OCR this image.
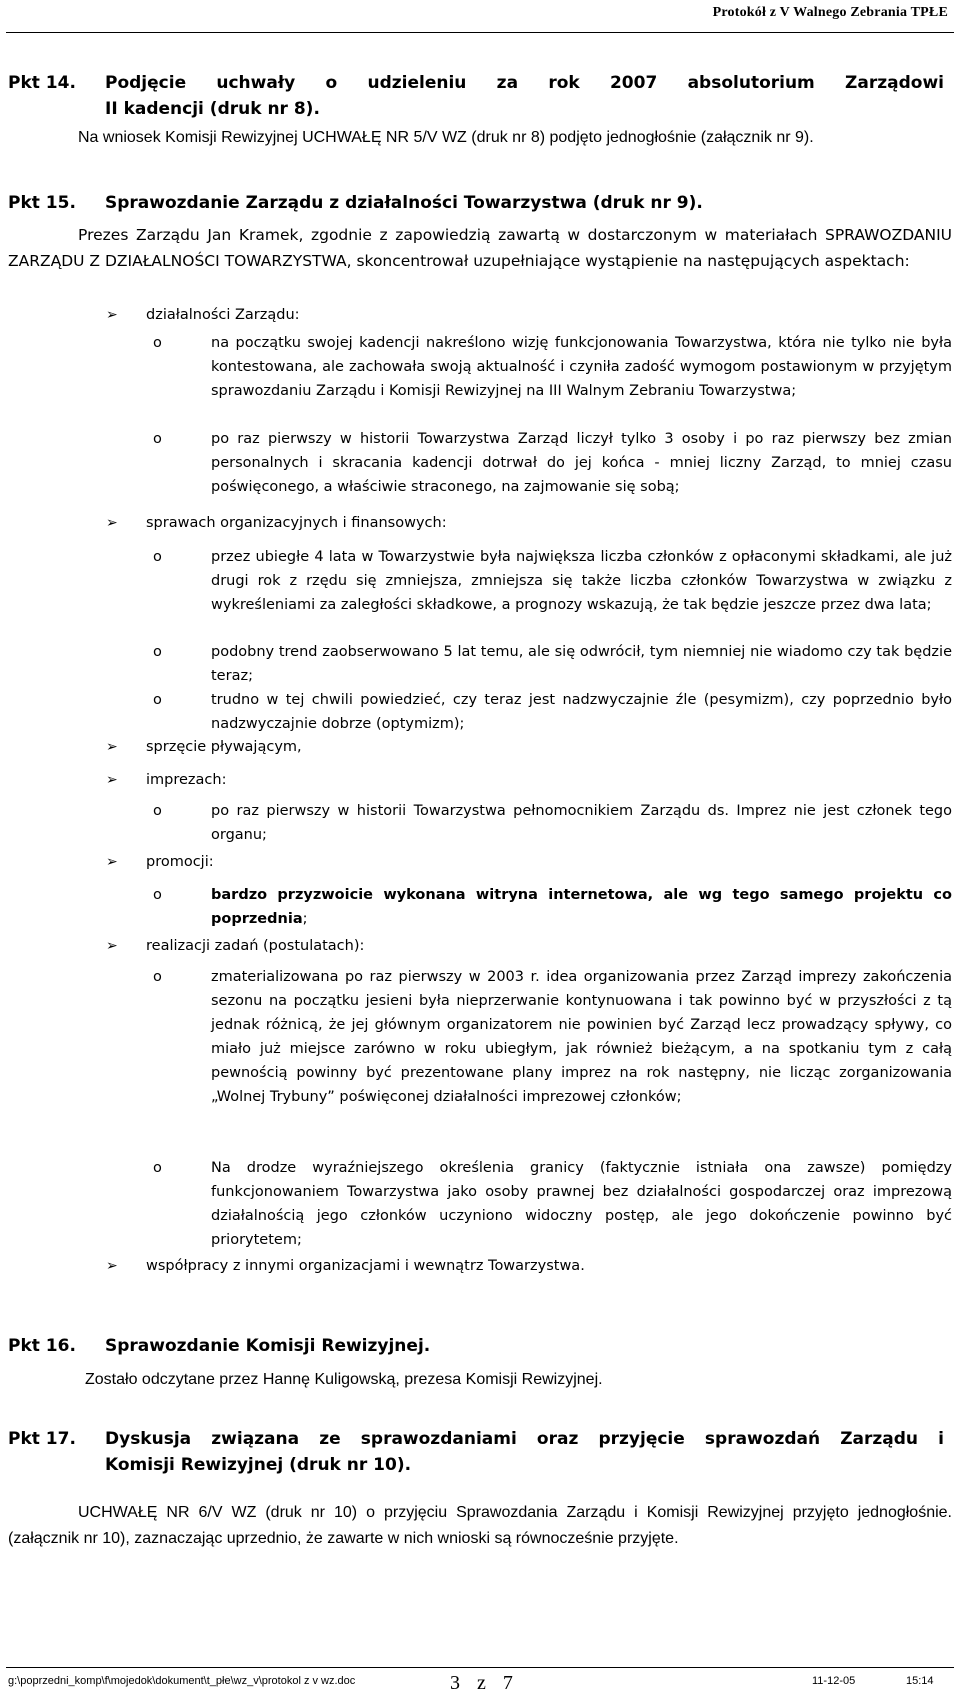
Protokół z V Walnego Zebrania TPŁE
Pkt 14. Podjęcie uchwały o udzieleniu za rok 2007 absolutorium Zarządowi
II kadencji (druk nr 8).
Na wniosek Komisji Rewizyjnej UCHWAŁĘ NR 5/V WZ (druk nr 8) podjęto jednogłośnie (załącznik nr 9).
Pkt 15. Sprawozdanie Zarządu z działalności Towarzystwa (druk nr 9).
Prezes Zarządu Jan Kramek, zgodnie z zapowiedzią zawartą w dostarczonym w materiałach SPRAWOZDANIU ZARZĄDU Z DZIAŁALNOŚCI TOWARZYSTWA, skoncentrował uzupełniające wystąpienie na następujących aspektach:
➢ działalności Zarządu:
o	na początku swojej kadencji nakreślono wizję funkcjonowania Towarzystwa, która nie tylko nie była kontestowana, ale zachowała swoją aktualność i czyniła zadość wymogom postawionym w przyjętym sprawozdaniu Zarządu i Komisji Rewizyjnej na III Walnym Zebraniu Towarzystwa;
o	po raz pierwszy w historii Towarzystwa Zarząd liczył tylko 3 osoby i po raz pierwszy bez zmian personalnych i skracania kadencji dotrwał do jej końca - mniej liczny Zarząd, to mniej czasu poświęconego, a właściwie straconego, na zajmowanie się sobą;
➢ sprawach organizacyjnych i finansowych:
o	przez ubiegłe 4 lata w Towarzystwie była największa liczba członków z opłaconymi składkami, ale już drugi rok z rzędu się zmniejsza, zmniejsza się także liczba członków Towarzystwa w związku z wykreśleniami za zaległości składkowe, a prognozy wskazują, że tak będzie jeszcze przez dwa lata;
o	podobny trend zaobserwowano 5 lat temu, ale się odwrócił, tym niemniej nie wiadomo czy tak będzie teraz;
o	trudno w tej chwili powiedzieć, czy teraz jest nadzwyczajnie źle (pesymizm), czy poprzednio było nadzwyczajnie dobrze (optymizm);
➢ sprzęcie pływającym,
➢ imprezach:
o	po raz pierwszy w historii Towarzystwa pełnomocnikiem Zarządu ds. Imprez nie jest członek tego organu;
➢ promocji:
o	bardzo przyzwoicie wykonana witryna internetowa, ale wg tego samego projektu co poprzednia;
➢ realizacji zadań (postulatach):
o	zmaterializowana po raz pierwszy w 2003 r. idea organizowania przez Zarząd imprezy zakończenia sezonu na początku jesieni była nieprzerwanie kontynuowana i tak powinno być w przyszłości z tą jednak różnicą, że jej głównym organizatorem nie powinien być Zarząd lecz prowadzący spływy, co miało już miejsce zarówno w roku ubiegłym, jak również bieżącym, a na spotkaniu tym z całą pewnością powinny być prezentowane plany imprez na rok następny, nie licząc zorganizowania „Wolnej Trybuny” poświęconej działalności imprezowej członków;
o	Na drodze wyraźniejszego określenia granicy (faktycznie istniała ona zawsze) pomiędzy funkcjonowaniem Towarzystwa jako osoby prawnej bez działalności gospodarczej oraz imprezową działalnością jego członków uczyniono widoczny postęp, ale jego dokończenie powinno być priorytetem;
➢ współpracy z innymi organizacjami i wewnątrz Towarzystwa.
Pkt 16. Sprawozdanie Komisji Rewizyjnej.
Zostało odczytane przez Hannę Kuligowską, prezesa Komisji Rewizyjnej.
Pkt 17. Dyskusja związana ze sprawozdaniami oraz przyjęcie sprawozdań Zarządu i
Komisji Rewizyjnej (druk nr 10).
UCHWAŁĘ NR 6/V WZ (druk nr 10) o przyjęciu Sprawozdania Zarządu i Komisji Rewizyjnej przyjęto jednogłośnie. (załącznik nr 10), zaznaczając uprzednio, że zawarte w nich wnioski są równocześnie przyjęte.
g:\poprzedni_komp\f\mojedok\dokument\t_płe\wz_v\protokol z v wz.doc	3 z 7	11-12-05	15:14
